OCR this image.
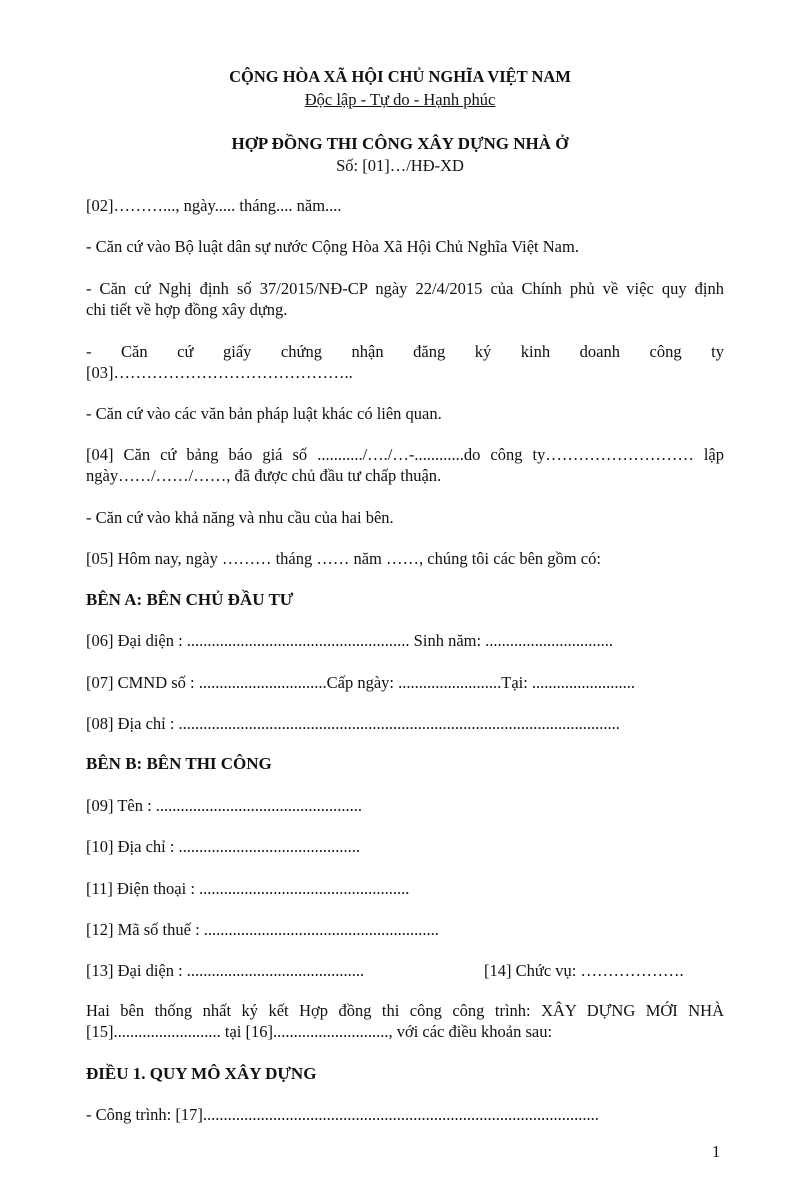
CỘNG HÒA XÃ HỘI CHỦ NGHĨA VIỆT NAM
Độc lập - Tự do - Hạnh phúc
HỢP ĐỒNG THI CÔNG XÂY DỰNG NHÀ Ở
Số: [01]…/HĐ-XD
[02]………..., ngày..... tháng.... năm....
- Căn cứ vào Bộ luật dân sự nước Cộng Hòa Xã Hội Chủ Nghĩa Việt Nam.
- Căn cứ Nghị định số 37/2015/NĐ-CP ngày 22/4/2015 của Chính phủ về việc quy định
chi tiết về hợp đồng xây dựng.
- Căn cứ giấy chứng nhận đăng ký kinh doanh công ty
[03]……………………………………..
- Căn cứ vào các văn bản pháp luật khác có liên quan.
[04] Căn cứ bảng báo giá số .........../…./…-............do công ty……………………… lập
ngày……/……/……, đã được chủ đầu tư chấp thuận.
- Căn cứ vào khả năng và nhu cầu của hai bên.
[05] Hôm nay, ngày ……… tháng …… năm ……, chúng tôi các bên gồm có:
BÊN A: BÊN CHỦ ĐẦU TƯ
[06] Đại diện : ...................................................... Sinh năm: ...............................
[07] CMND số : ...............................Cấp ngày: .........................Tại: .........................
[08] Địa chỉ : ...........................................................................................................
BÊN B: BÊN THI CÔNG
[09] Tên : ..................................................
[10] Địa chỉ : ............................................
[11] Điện thoại : ...................................................
[12] Mã số thuế : .........................................................
[13] Đại diện : ...........................................	[14] Chức vụ: ……………….
Hai bên thống nhất ký kết Hợp đồng thi công công trình: XÂY DỰNG MỚI NHÀ
[15].......................... tại [16]............................, với các điều khoản sau:
ĐIỀU 1. QUY MÔ XÂY DỰNG
- Công trình: [17]................................................................................................
1
